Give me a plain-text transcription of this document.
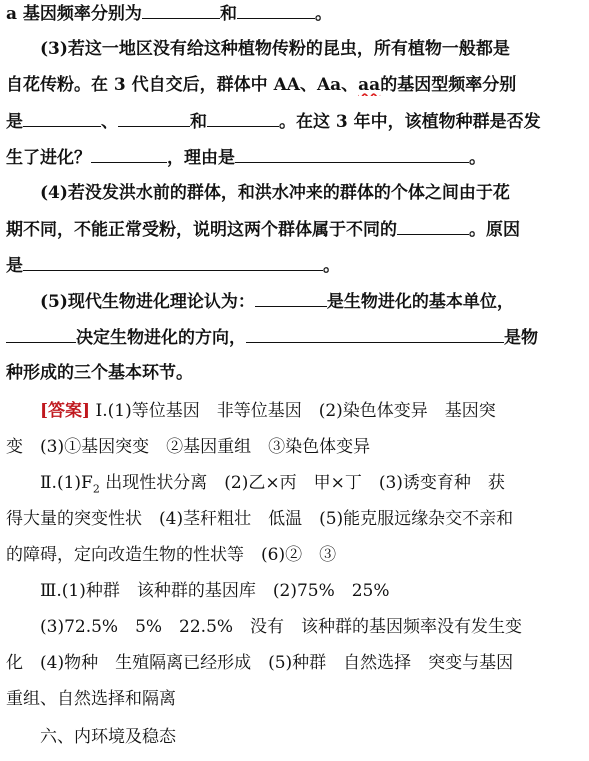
a 基因频率分别为	和	。
(3)若这一地区没有给这种植物传粉的昆虫，所有植物一般都是
自花传粉。在 3 代自交后，群体中 AA、Aa、aa的基因型频率分别
是	、	和	。在这 3 年中，该植物种群是否发
生了进化？	，理由是	。
(4)若没发洪水前的群体，和洪水冲来的群体的个体之间由于花
期不同，不能正常受粉，说明这两个群体属于不同的	。原因
是	。
(5)现代生物进化理论认为：	是生物进化的基本单位，
决定生物进化的方向，	是物
种形成的三个基本环节。
[答案] Ⅰ.(1)等位基因　非等位基因　(2)染色体变异　基因突
变　(3)①基因突变　②基因重组　③染色体变异
$Ⅱ.(1)F_2$ 出现性状分离　(2)乙×丙　甲×丁　(3)诱变育种　获
得大量的突变性状　(4)茎秆粗壮　低温　(5)能克服远缘杂交不亲和
的障碍，定向改造生物的性状等　(6)②　③
Ⅲ.(1)种群　该种群的基因库　(2)75%　25%
(3)72.5%　5%　22.5%　没有　该种群的基因频率没有发生变
化　(4)物种　生殖隔离已经形成　(5)种群　自然选择　突变与基因
重组、自然选择和隔离
六、内环境及稳态
